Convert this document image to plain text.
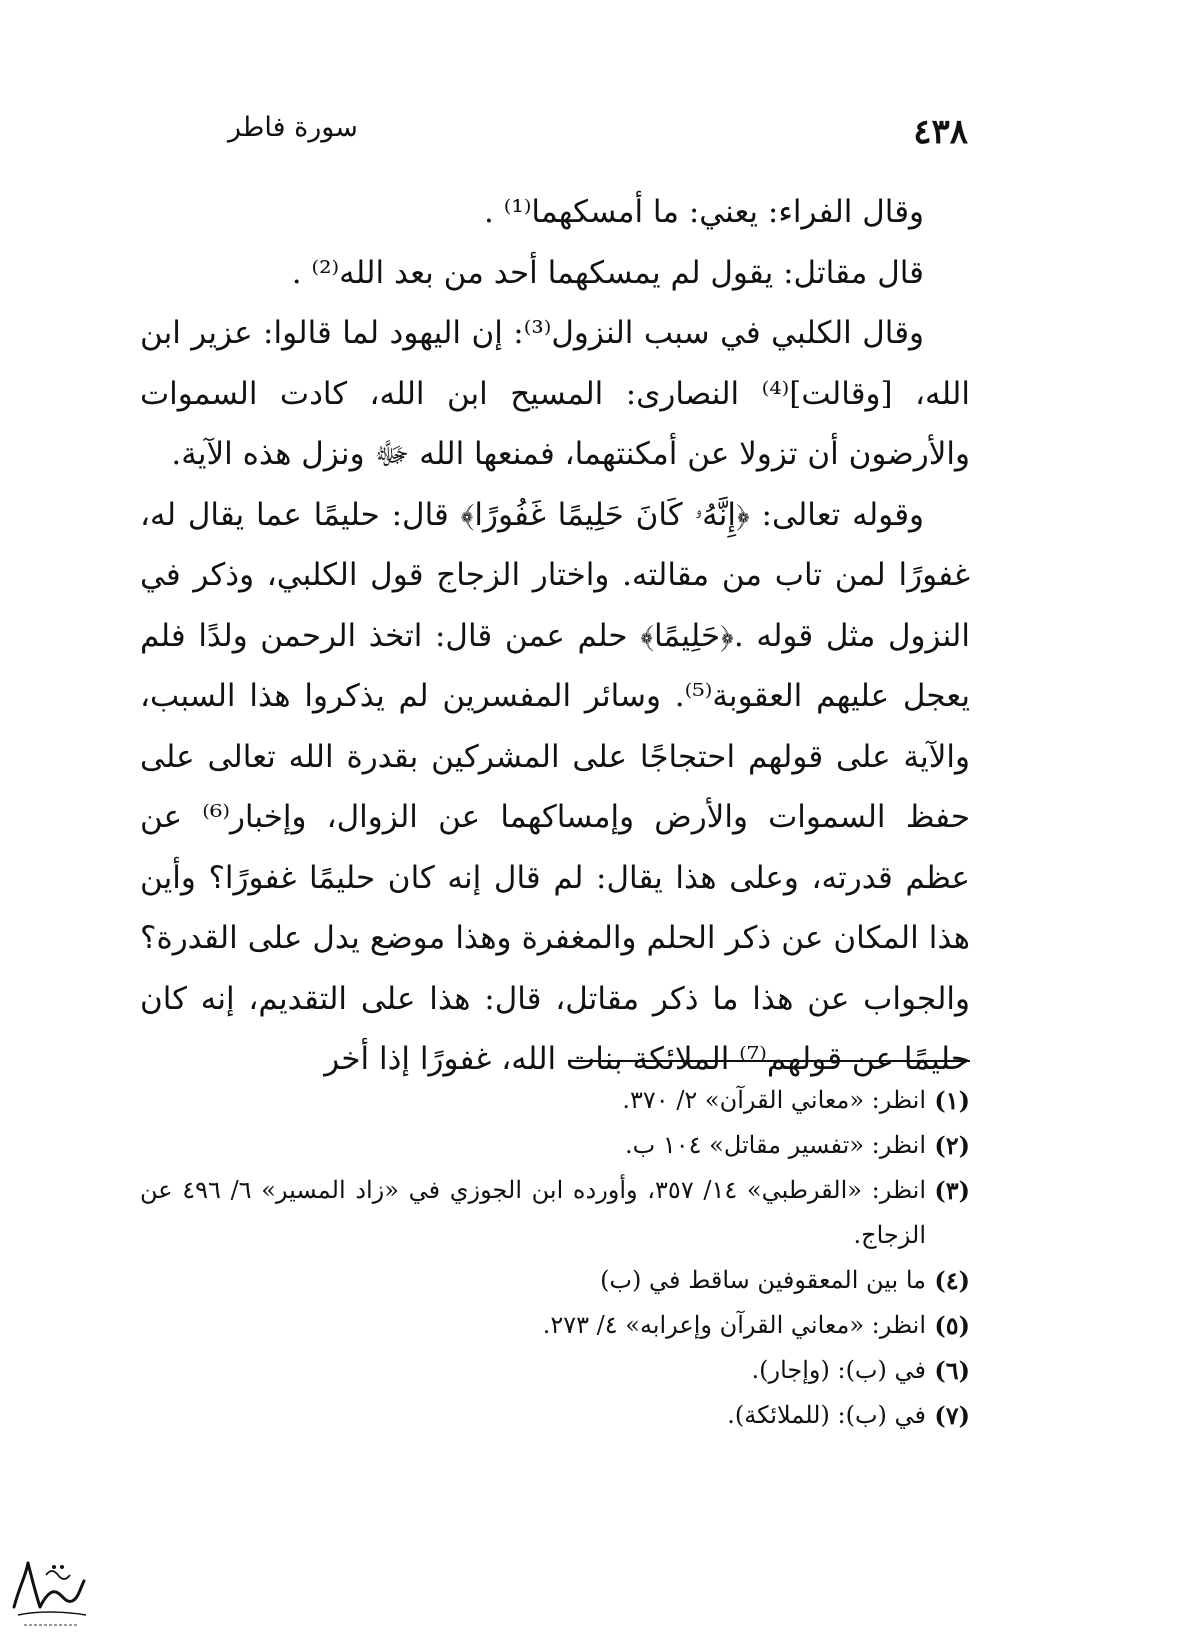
٤٣٨
سورة فاطر

وقال الفراء: يعني: ما أمسكهما⁽¹⁾ .

قال مقاتل: يقول لم يمسكهما أحد من بعد الله⁽²⁾ .

وقال الكلبي في سبب النزول⁽³⁾: إن اليهود لما قالوا: عزير ابن الله، [وقالت]⁽⁴⁾ النصارى: المسيح ابن الله، كادت السموات والأرضون أن تزولا عن أمكنتهما، فمنعها الله ﷻ ونزل هذه الآية.

وقوله تعالى: ﴿إِنَّهُۥ كَانَ حَلِيمًا غَفُورًا﴾ قال: حليمًا عما يقال له، غفورًا لمن تاب من مقالته. واختار الزجاج قول الكلبي، وذكر في النزول مثل قوله .﴿حَلِيمًا﴾ حلم عمن قال: اتخذ الرحمن ولدًا فلم يعجل عليهم العقوبة⁽⁵⁾. وسائر المفسرين لم يذكروا هذا السبب، والآية على قولهم احتجاجًا على المشركين بقدرة الله تعالى على حفظ السموات والأرض وإمساكهما عن الزوال، وإخبار⁽⁶⁾ عن عظم قدرته، وعلى هذا يقال: لم قال إنه كان حليمًا غفورًا؟ وأين هذا المكان عن ذكر الحلم والمغفرة وهذا موضع يدل على القدرة؟ والجواب عن هذا ما ذكر مقاتل، قال: هذا على التقديم، إنه كان حليمًا عن قولهم⁽⁷⁾ الملائكة بنات الله، غفورًا إذا أخر

(١)
انظر: «معاني القرآن» ٢/ ٣٧٠.
(٢)
انظر: «تفسير مقاتل» ١٠٤ ب.
(٣)
انظر: «القرطبي» ١٤/ ٣٥٧، وأورده ابن الجوزي في «زاد المسير» ٦/ ٤٩٦ عن الزجاج.
(٤)
ما بين المعقوفين ساقط في (ب)
(٥)
انظر: «معاني القرآن وإعرابه» ٤/ ٢٧٣.
(٦)
في (ب): (وإجار).
(٧)
في (ب): (للملائكة).
